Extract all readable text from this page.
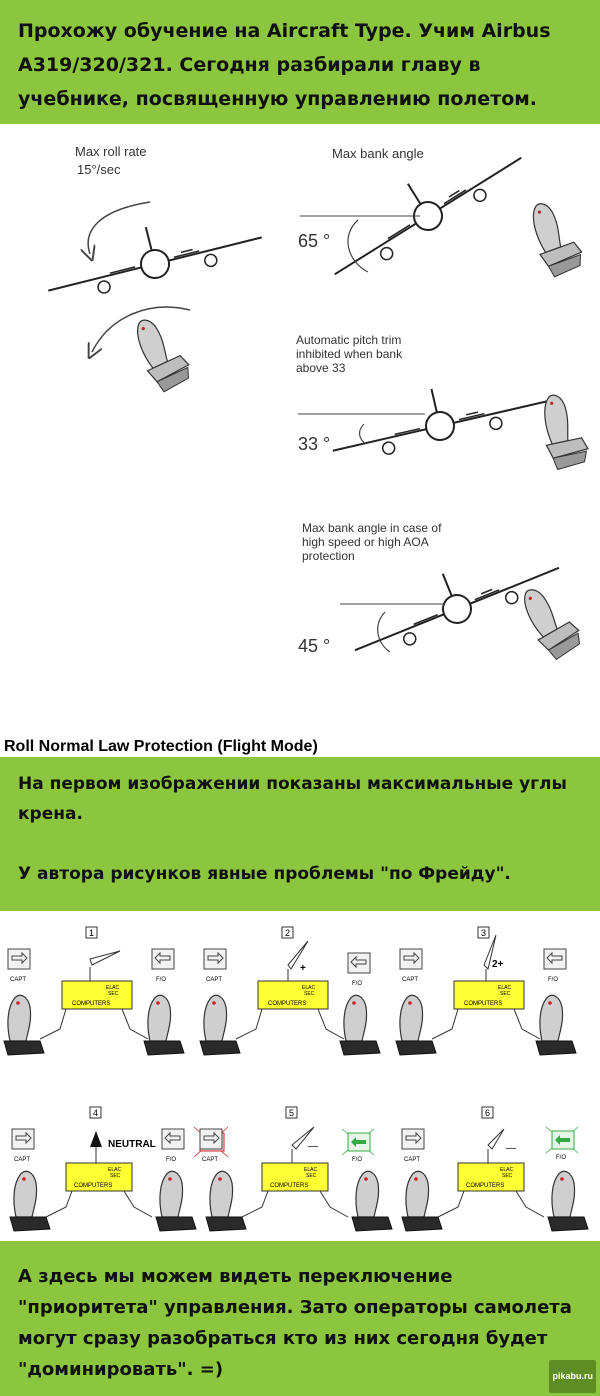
Прохожу обучение на Aircraft Type. Учим Airbus A319/320/321. Сегодня разбирали главу в учебнике, посвященную управлению полетом.

Max roll rate
15°/sec
Max bank angle
65 °
Automatic pitch trim inhibited when bank above 33
33 °
Max bank angle in case of high speed or high AOA protection
45 °
Roll Normal Law Protection (Flight Mode)

На первом изображении показаны максимальные углы крена.

У автора рисунков явные проблемы "по Фрейду".

1
CAPT	F/O
ELAC
SEC
COMPUTERS
2
CAPT
F/O
+
ELAC
SEC
COMPUTERS
3
CAPT	F/O
2+
ELAC
SEC
COMPUTERS
4
CAPT	F/O
NEUTRAL
ELAC
SEC
COMPUTERS
5
CAPT	F/O
—
ELAC
SEC
COMPUTERS
6
CAPT	F/O
—
ELAC
SEC
COMPUTERS

А здесь мы можем видеть переключение "приоритета" управления. Зато операторы самолета могут сразу разобраться кто из них сегодня будет "доминировать". =)	pikabu.ru
